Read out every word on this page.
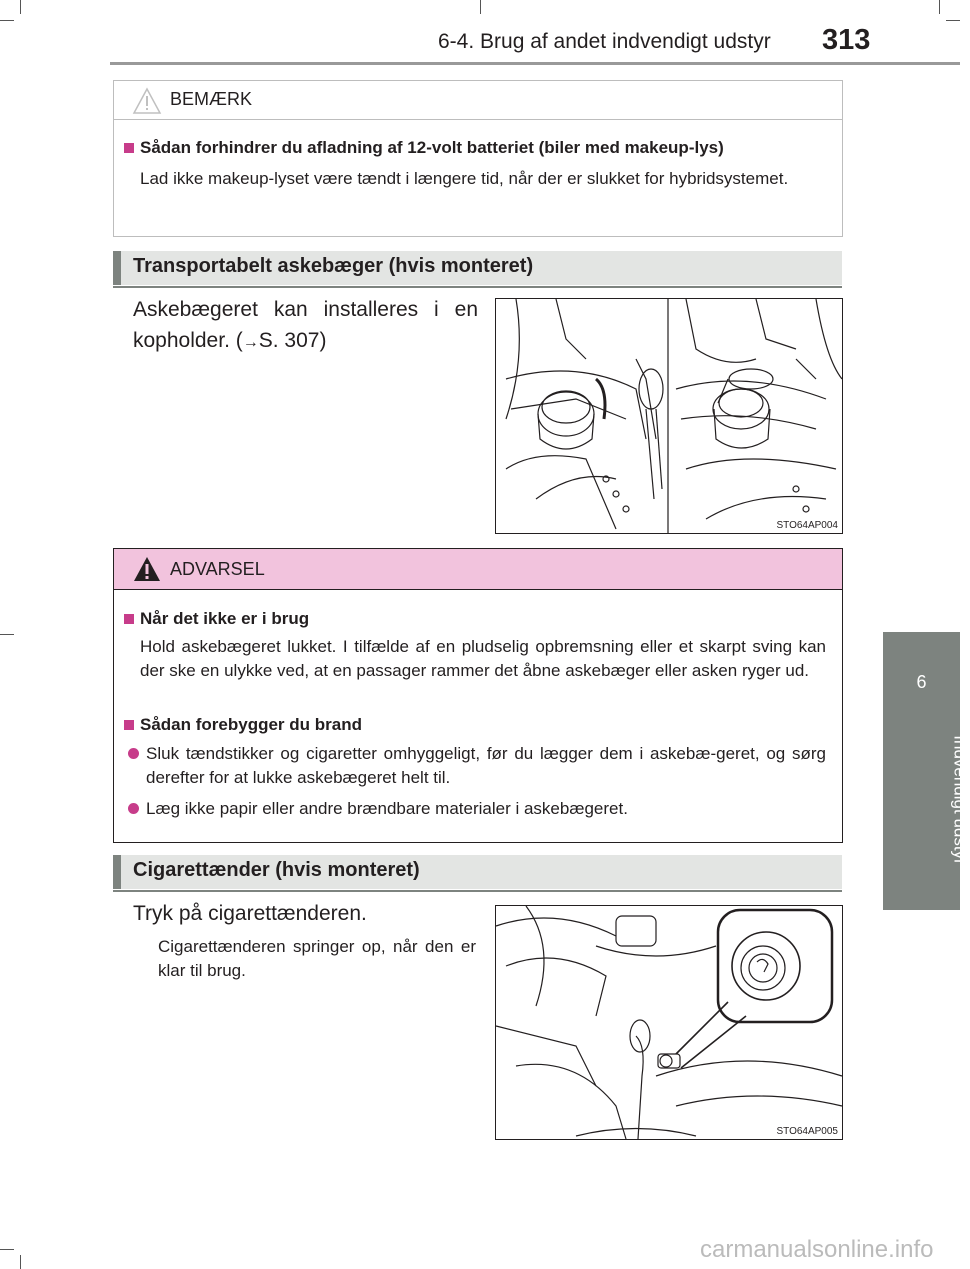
6-4. Brug af andet indvendigt udstyr 313
6
Indvendigt udstyr
BEMÆRK
Sådan forhindrer du afladning af 12-volt batteriet (biler med makeup-lys)
Lad ikke makeup-lyset være tændt i længere tid, når der er slukket for hybridsystemet.
Transportabelt askebæger (hvis monteret)
Askebægeret kan installeres i en
kopholder. (→S. 307)
STO64AP004
ADVARSEL
Når det ikke er i brug
Hold askebægeret lukket. I tilfælde af en pludselig opbremsning eller et skarpt sving kan der ske en ulykke ved, at en passager rammer det åbne askebæger eller asken ryger ud.
Sådan forebygger du brand
Sluk tændstikker og cigaretter omhyggeligt, før du lægger dem i askebæ-geret, og sørg derefter for at lukke askebægeret helt til.
Læg ikke papir eller andre brændbare materialer i askebægeret.
Cigarettænder (hvis monteret)
Tryk på cigarettænderen.
Cigarettænderen springer op, når den er klar til brug.
STO64AP005
carmanualsonline.info
